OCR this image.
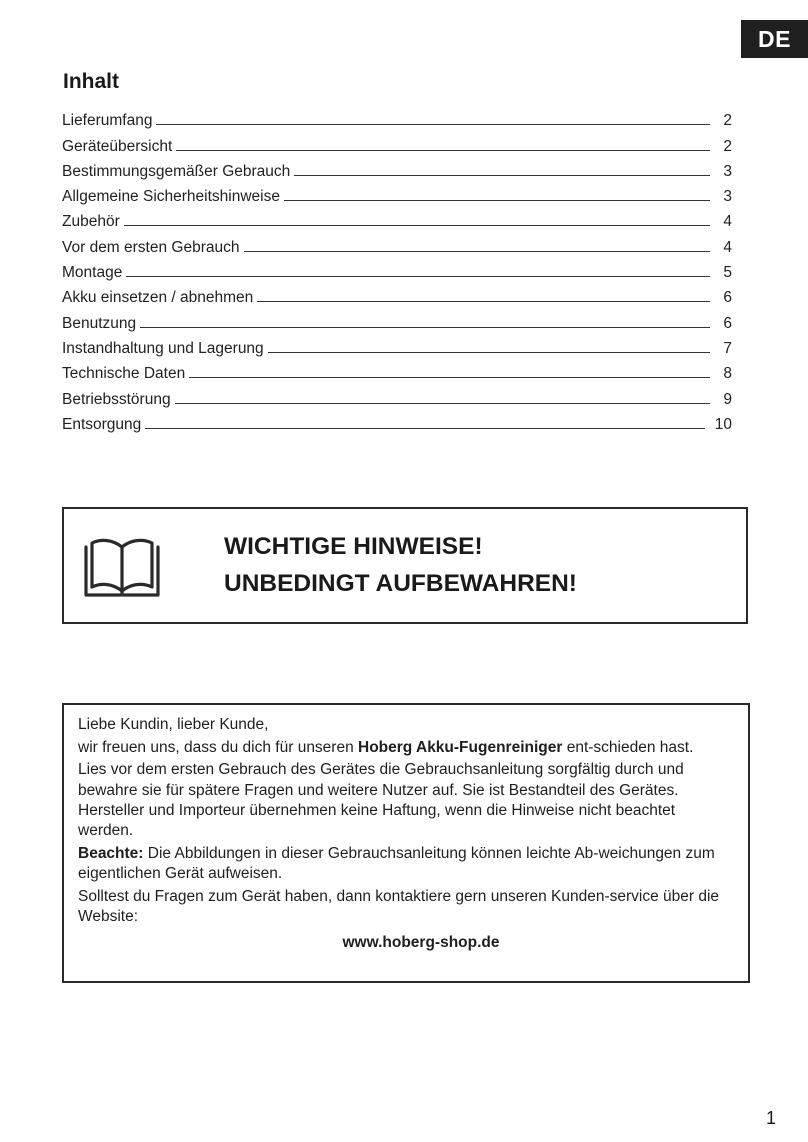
DE
Inhalt
Lieferumfang	2
Geräteübersicht	2
Bestimmungsgemäßer Gebrauch	3
Allgemeine Sicherheitshinweise	3
Zubehör	4
Vor dem ersten Gebrauch	4
Montage	5
Akku einsetzen / abnehmen	6
Benutzung	6
Instandhaltung und Lagerung	7
Technische Daten	8
Betriebsstörung	9
Entsorgung	10
WICHTIGE HINWEISE!
UNBEDINGT AUFBEWAHREN!

Liebe Kundin, lieber Kunde,

wir freuen uns, dass du dich für unseren Hoberg Akku-Fugenreiniger ent-schieden hast.

Lies vor dem ersten Gebrauch des Gerätes die Gebrauchsanleitung sorgfältig durch und bewahre sie für spätere Fragen und weitere Nutzer auf. Sie ist Bestandteil des Gerätes. Hersteller und Importeur übernehmen keine Haftung, wenn die Hinweise nicht beachtet werden.

Beachte: Die Abbildungen in dieser Gebrauchsanleitung können leichte Ab-weichungen zum eigentlichen Gerät aufweisen.

Solltest du Fragen zum Gerät haben, dann kontaktiere gern unseren Kunden-service über die Website:

www.hoberg-shop.de

1
